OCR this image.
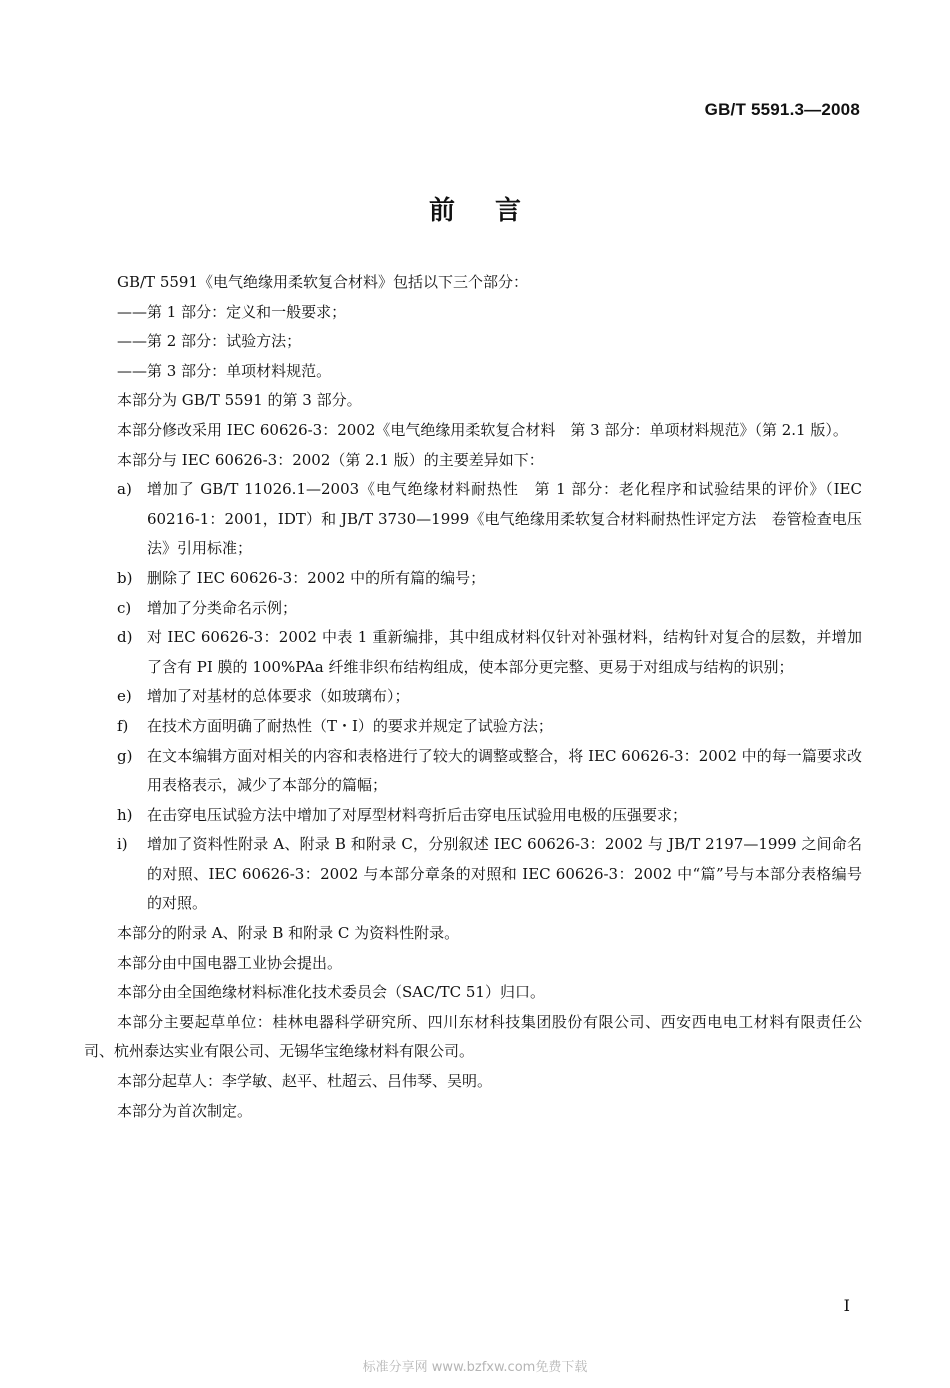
GB/T 5591.3—2008
前言

GB/T 5591《电气绝缘用柔软复合材料》包括以下三个部分：

——第 1 部分：定义和一般要求；

——第 2 部分：试验方法；

——第 3 部分：单项材料规范。

本部分为 GB/T 5591 的第 3 部分。

本部分修改采用 IEC 60626-3：2002《电气绝缘用柔软复合材料　第 3 部分：单项材料规范》（第 2.1 版）。

本部分与 IEC 60626-3：2002（第 2.1 版）的主要差异如下：

a)	增加了 GB/T 11026.1—2003《电气绝缘材料耐热性　第 1 部分：老化程序和试验结果的评价》（IEC 60216-1：2001，IDT）和 JB/T 3730—1999《电气绝缘用柔软复合材料耐热性评定方法　卷管检查电压法》引用标准；
b) 删除了 IEC 60626-3：2002 中的所有篇的编号；
c)	增加了分类命名示例；
d) 对 IEC 60626-3：2002 中表 1 重新编排，其中组成材料仅针对补强材料，结构针对复合的层数，并增加了含有 PI 膜的 100%PAa 纤维非织布结构组成，使本部分更完整、更易于对组成与结构的识别；
e)	增加了对基材的总体要求（如玻璃布）；
f)	在技术方面明确了耐热性（T・I）的要求并规定了试验方法；
g) 在文本编辑方面对相关的内容和表格进行了较大的调整或整合，将 IEC 60626-3：2002 中的每一篇要求改用表格表示，减少了本部分的篇幅；
h) 在击穿电压试验方法中增加了对厚型材料弯折后击穿电压试验用电极的压强要求；
i)	增加了资料性附录 A、附录 B 和附录 C，分别叙述 IEC 60626-3：2002 与 JB/T 2197—1999 之间命名的对照、IEC 60626-3：2002 与本部分章条的对照和 IEC 60626-3：2002 中“篇”号与本部分表格编号的对照。

本部分的附录 A、附录 B 和附录 C 为资料性附录。

本部分由中国电器工业协会提出。

本部分由全国绝缘材料标准化技术委员会（SAC/TC 51）归口。

本部分主要起草单位：桂林电器科学研究所、四川东材科技集团股份有限公司、西安西电电工材料有限责任公司、杭州泰达实业有限公司、无锡华宝绝缘材料有限公司。

本部分起草人：李学敏、赵平、杜超云、吕伟琴、吴明。

本部分为首次制定。

I
标准分享网 www.bzfxw.com免费下载
